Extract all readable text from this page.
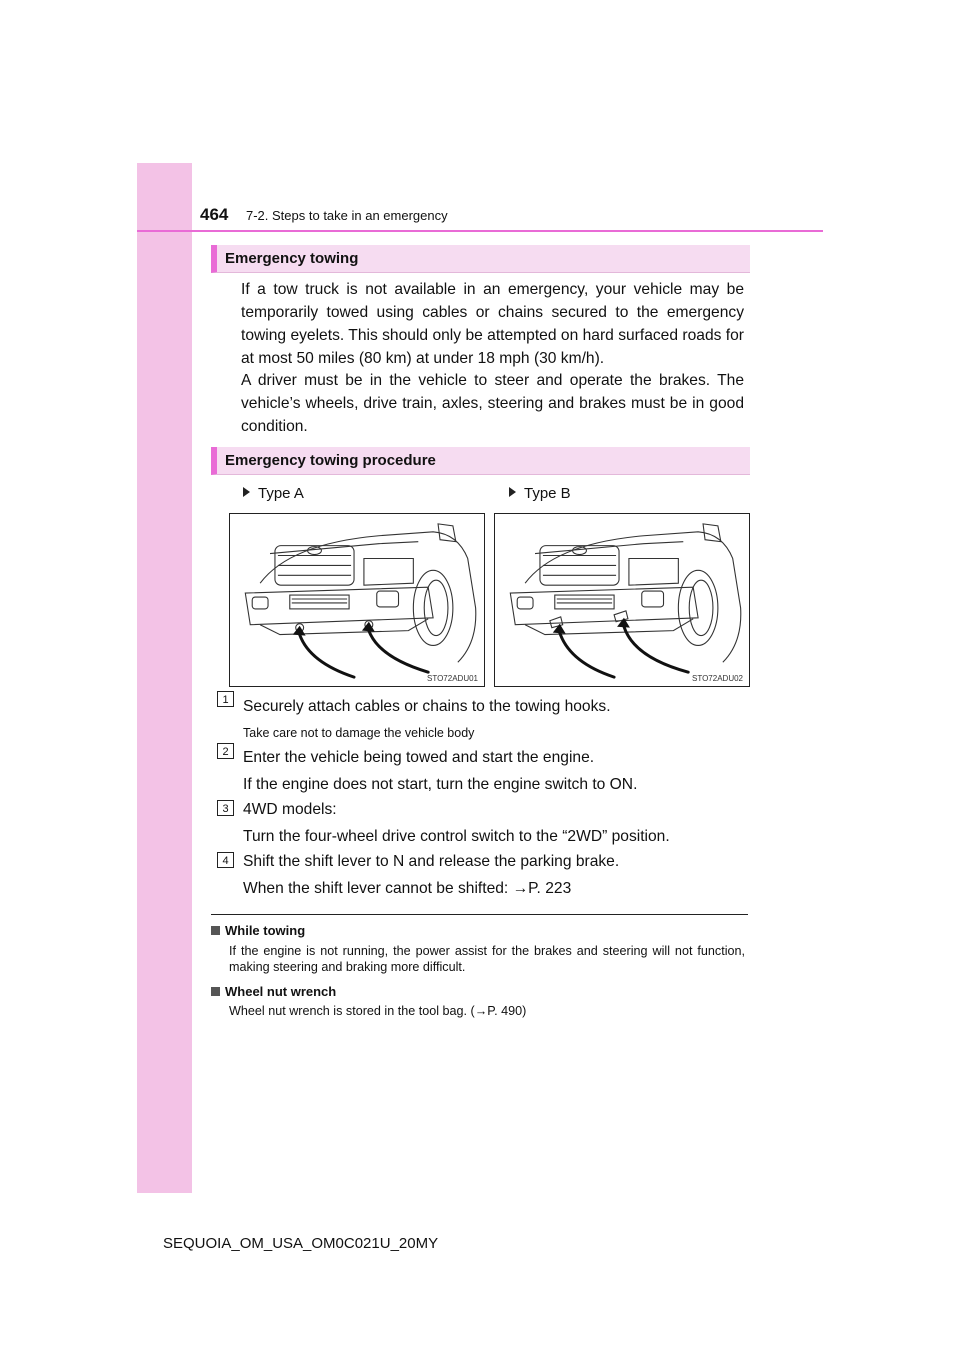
464 7-2. Steps to take in an emergency
Emergency towing

If a tow truck is not available in an emergency, your vehicle may be temporarily towed using cables or chains secured to the emergency towing eyelets. This should only be attempted on hard surfaced roads for at most 50 miles (80 km) at under 18 mph (30 km/h).

A driver must be in the vehicle to steer and operate the brakes. The vehicle’s wheels, drive train, axles, steering and brakes must be in good condition.

Emergency towing procedure
Type A	Type B
STO72ADU01	STO72ADU02
1 Securely attach cables or chains to the towing hooks.
Take care not to damage the vehicle body
2 Enter the vehicle being towed and start the engine.
If the engine does not start, turn the engine switch to ON.
3 4WD models:
Turn the four-wheel drive control switch to the “2WD” position.
4 Shift the shift lever to N and release the parking brake.
When the shift lever cannot be shifted: →P. 223
While towing

If the engine is not running, the power assist for the brakes and steering will not function, making steering and braking more difficult.

Wheel nut wrench

Wheel nut wrench is stored in the tool bag. (→P. 490)

SEQUOIA_OM_USA_OM0C021U_20MY
